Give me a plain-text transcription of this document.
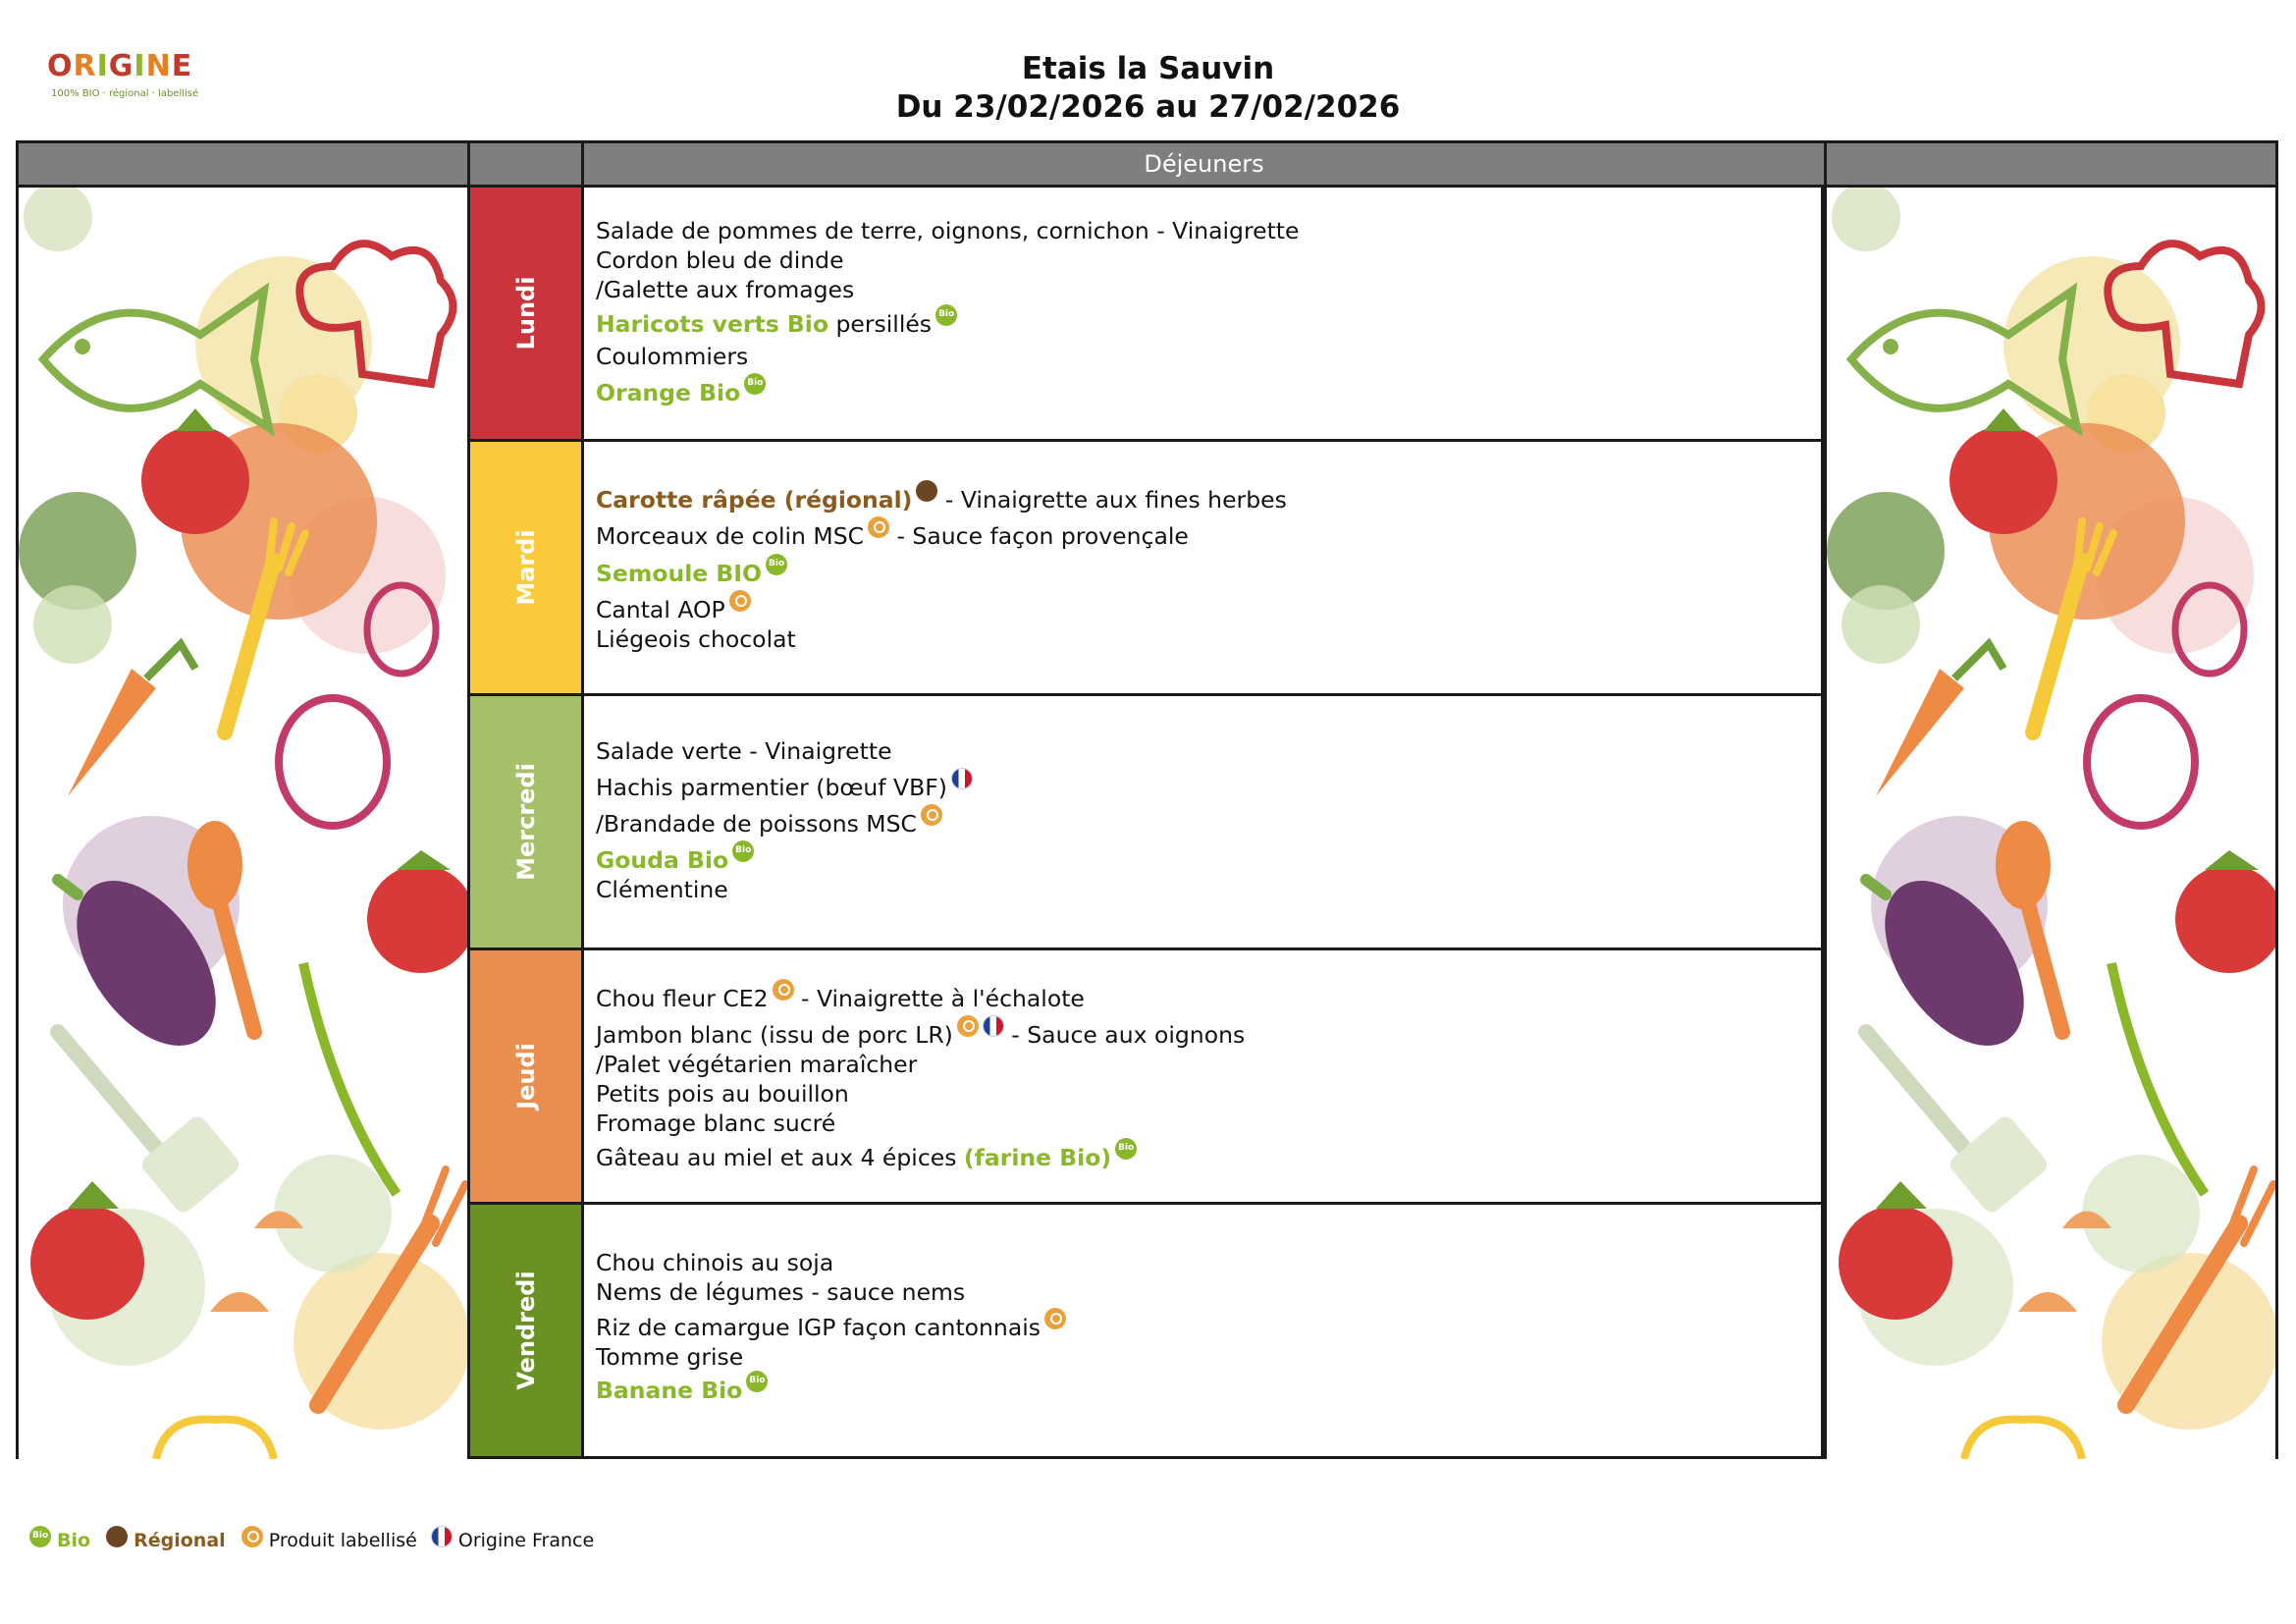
ORIGINE
100% BIO · régional · labellisé
Etais la Sauvin
Du 23/02/2026 au 27/02/2026
Déjeuners
Lundi
Mardi
Mercredi
Jeudi
Vendredi
Salade de pommes de terre, oignons, cornichon - Vinaigrette
Cordon bleu de dinde
/Galette aux fromages
Haricots verts Bio persillésBio
Coulommiers
Orange BioBio
Carotte râpée (régional) - Vinaigrette aux fines herbes
Morceaux de colin MSC - Sauce façon provençale
Semoule BIOBio
Cantal AOP
Liégeois chocolat
Salade verte - Vinaigrette
Hachis parmentier (bœuf VBF)
/Brandade de poissons MSC
Gouda BioBio
Clémentine
Chou fleur CE2 - Vinaigrette à l'échalote
Jambon blanc (issu de porc LR) - Sauce aux oignons
/Palet végétarien maraîcher
Petits pois au bouillon
Fromage blanc sucré
Gâteau au miel et aux 4 épices (farine Bio)Bio
Chou chinois au soja
Nems de légumes - sauce nems
Riz de camargue IGP façon cantonnais
Tomme grise
Banane BioBio
BioBio Régional Produit labellisé Origine France
